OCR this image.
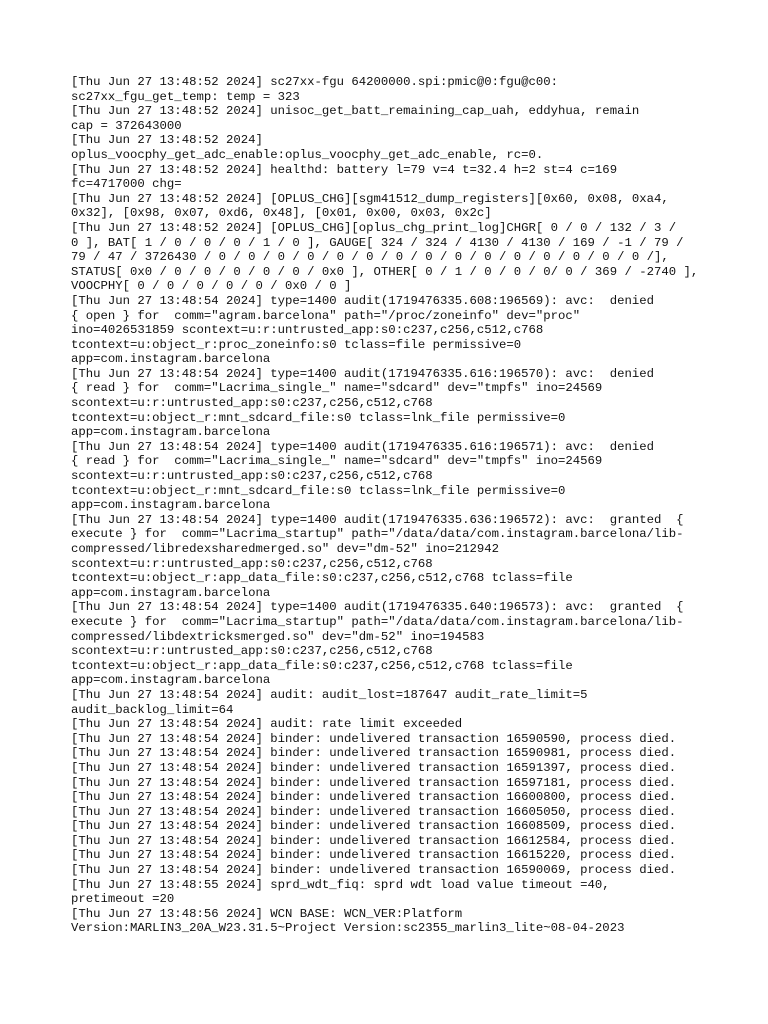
[Thu Jun 27 13:48:52 2024] sc27xx-fgu 64200000.spi:pmic@0:fgu@c00:
sc27xx_fgu_get_temp: temp = 323
[Thu Jun 27 13:48:52 2024] unisoc_get_batt_remaining_cap_uah, eddyhua, remain
cap = 372643000
[Thu Jun 27 13:48:52 2024]
oplus_voocphy_get_adc_enable:oplus_voocphy_get_adc_enable, rc=0.
[Thu Jun 27 13:48:52 2024] healthd: battery l=79 v=4 t=32.4 h=2 st=4 c=169
fc=4717000 chg=
[Thu Jun 27 13:48:52 2024] [OPLUS_CHG][sgm41512_dump_registers][0x60, 0x08, 0xa4,
0x32], [0x98, 0x07, 0xd6, 0x48], [0x01, 0x00, 0x03, 0x2c]
[Thu Jun 27 13:48:52 2024] [OPLUS_CHG][oplus_chg_print_log]CHGR[ 0 / 0 / 132 / 3 /
0 ], BAT[ 1 / 0 / 0 / 0 / 1 / 0 ], GAUGE[ 324 / 324 / 4130 / 4130 / 169 / -1 / 79 /
79 / 47 / 3726430 / 0 / 0 / 0 / 0 / 0 / 0 / 0 / 0 / 0 / 0 / 0 / 0 / 0 / 0 / 0 /],
STATUS[ 0x0 / 0 / 0 / 0 / 0 / 0 / 0x0 ], OTHER[ 0 / 1 / 0 / 0 / 0/ 0 / 369 / -2740 ],
VOOCPHY[ 0 / 0 / 0 / 0 / 0 / 0x0 / 0 ]
[Thu Jun 27 13:48:54 2024] type=1400 audit(1719476335.608:196569): avc:  denied
{ open } for  comm="agram.barcelona" path="/proc/zoneinfo" dev="proc"
ino=4026531859 scontext=u:r:untrusted_app:s0:c237,c256,c512,c768
tcontext=u:object_r:proc_zoneinfo:s0 tclass=file permissive=0
app=com.instagram.barcelona
[Thu Jun 27 13:48:54 2024] type=1400 audit(1719476335.616:196570): avc:  denied
{ read } for  comm="Lacrima_single_" name="sdcard" dev="tmpfs" ino=24569
scontext=u:r:untrusted_app:s0:c237,c256,c512,c768
tcontext=u:object_r:mnt_sdcard_file:s0 tclass=lnk_file permissive=0
app=com.instagram.barcelona
[Thu Jun 27 13:48:54 2024] type=1400 audit(1719476335.616:196571): avc:  denied
{ read } for  comm="Lacrima_single_" name="sdcard" dev="tmpfs" ino=24569
scontext=u:r:untrusted_app:s0:c237,c256,c512,c768
tcontext=u:object_r:mnt_sdcard_file:s0 tclass=lnk_file permissive=0
app=com.instagram.barcelona
[Thu Jun 27 13:48:54 2024] type=1400 audit(1719476335.636:196572): avc:  granted  {
execute } for  comm="Lacrima_startup" path="/data/data/com.instagram.barcelona/lib-
compressed/libredexsharedmerged.so" dev="dm-52" ino=212942
scontext=u:r:untrusted_app:s0:c237,c256,c512,c768
tcontext=u:object_r:app_data_file:s0:c237,c256,c512,c768 tclass=file
app=com.instagram.barcelona
[Thu Jun 27 13:48:54 2024] type=1400 audit(1719476335.640:196573): avc:  granted  {
execute } for  comm="Lacrima_startup" path="/data/data/com.instagram.barcelona/lib-
compressed/libdextricksmerged.so" dev="dm-52" ino=194583
scontext=u:r:untrusted_app:s0:c237,c256,c512,c768
tcontext=u:object_r:app_data_file:s0:c237,c256,c512,c768 tclass=file
app=com.instagram.barcelona
[Thu Jun 27 13:48:54 2024] audit: audit_lost=187647 audit_rate_limit=5
audit_backlog_limit=64
[Thu Jun 27 13:48:54 2024] audit: rate limit exceeded
[Thu Jun 27 13:48:54 2024] binder: undelivered transaction 16590590, process died.
[Thu Jun 27 13:48:54 2024] binder: undelivered transaction 16590981, process died.
[Thu Jun 27 13:48:54 2024] binder: undelivered transaction 16591397, process died.
[Thu Jun 27 13:48:54 2024] binder: undelivered transaction 16597181, process died.
[Thu Jun 27 13:48:54 2024] binder: undelivered transaction 16600800, process died.
[Thu Jun 27 13:48:54 2024] binder: undelivered transaction 16605050, process died.
[Thu Jun 27 13:48:54 2024] binder: undelivered transaction 16608509, process died.
[Thu Jun 27 13:48:54 2024] binder: undelivered transaction 16612584, process died.
[Thu Jun 27 13:48:54 2024] binder: undelivered transaction 16615220, process died.
[Thu Jun 27 13:48:54 2024] binder: undelivered transaction 16590069, process died.
[Thu Jun 27 13:48:55 2024] sprd_wdt_fiq: sprd wdt load value timeout =40,
pretimeout =20
[Thu Jun 27 13:48:56 2024] WCN BASE: WCN_VER:Platform
Version:MARLIN3_20A_W23.31.5~Project Version:sc2355_marlin3_lite~08-04-2023
